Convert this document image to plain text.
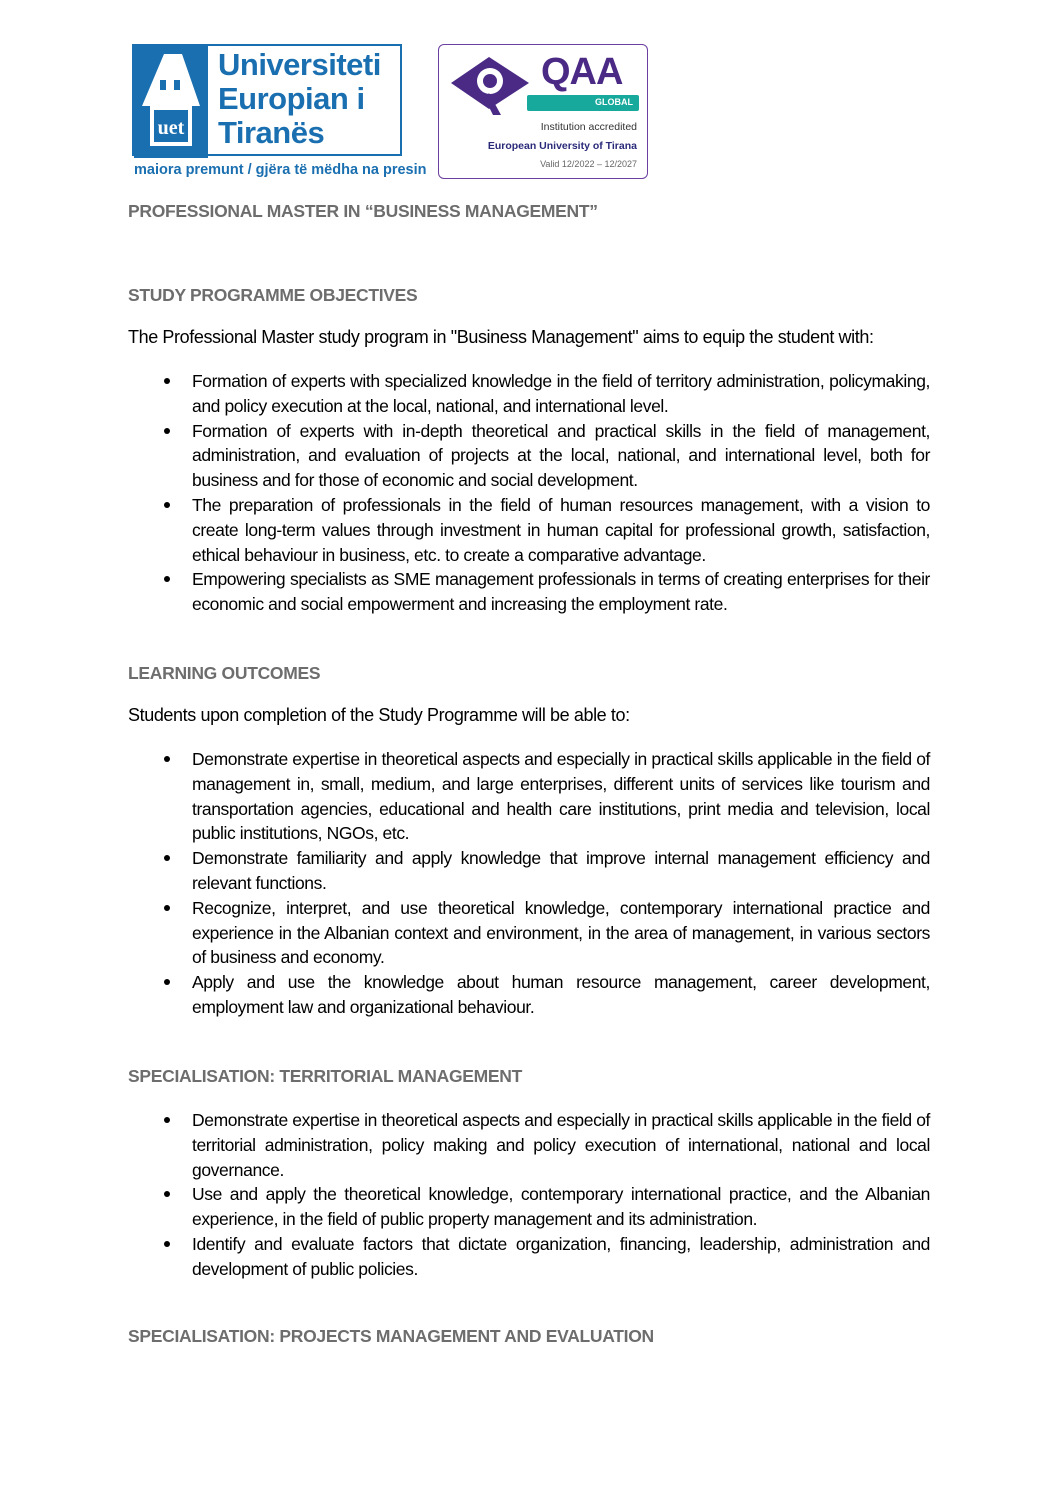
uet
Universiteti
Europian i
Tiranës
maiora premunt / gjëra të mëdha na presin
QAA
GLOBAL
Institution accredited
European University of Tirana
Valid 12/2022 – 12/2027
PROFESSIONAL MASTER IN “BUSINESS MANAGEMENT”
STUDY PROGRAMME OBJECTIVES
The Professional Master study program in "Business Management" aims to equip the student with:
Formation of experts with specialized knowledge in the field of territory administration, policymaking, and policy execution at the local, national, and international level.
Formation of experts with in-depth theoretical and practical skills in the field of management, administration, and evaluation of projects at the local, national, and international level, both for business and for those of economic and social development.
The preparation of professionals in the field of human resources management, with a vision to create long-term values through investment in human capital for professional growth, satisfaction, ethical behaviour in business, etc. to create a comparative advantage.
Empowering specialists as SME management professionals in terms of creating enterprises for their economic and social empowerment and increasing the employment rate.
LEARNING OUTCOMES
Students upon completion of the Study Programme will be able to:
Demonstrate expertise in theoretical aspects and especially in practical skills applicable in the field of management in, small, medium, and large enterprises, different units of services like tourism and transportation agencies, educational and health care institutions, print media and television, local public institutions, NGOs, etc.
Demonstrate familiarity and apply knowledge that improve internal management efficiency and relevant functions.
Recognize, interpret, and use theoretical knowledge, contemporary international practice and experience in the Albanian context and environment, in the area of management, in various sectors of business and economy.
Apply and use the knowledge about human resource management, career development, employment law and organizational behaviour.
SPECIALISATION: TERRITORIAL MANAGEMENT
Demonstrate expertise in theoretical aspects and especially in practical skills applicable in the field of territorial administration, policy making and policy execution of international, national and local governance.
Use and apply the theoretical knowledge, contemporary international practice, and the Albanian experience, in the field of public property management and its administration.
Identify and evaluate factors that dictate organization, financing, leadership, administration and development of public policies.
SPECIALISATION: PROJECTS MANAGEMENT AND EVALUATION
